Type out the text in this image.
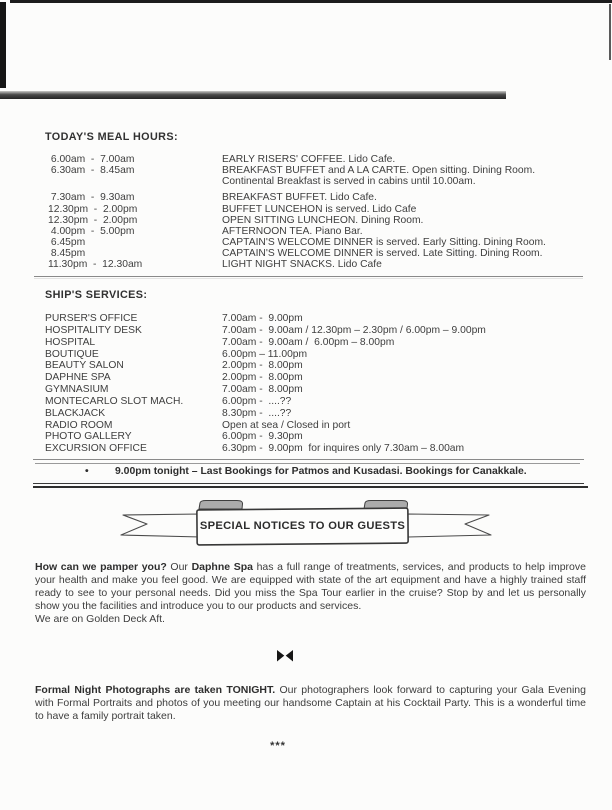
TODAY'S MEAL HOURS:
6.00am  -  7.00am	EARLY RISERS' COFFEE. Lido Cafe.
6.30am  -  8.45am	BREAKFAST BUFFET and A LA CARTE. Open sitting. Dining Room.
Continental Breakfast is served in cabins until 10.00am.
7.30am  -  9.30am	BREAKFAST BUFFET. Lido Cafe.
12.30pm  -  2.00pm	BUFFET LUNCEHON is served. Lido Cafe
12.30pm  -  2.00pm	OPEN SITTING LUNCHEON. Dining Room.
4.00pm  -  5.00pm	AFTERNOON TEA. Piano Bar.
6.45pm	CAPTAIN'S WELCOME DINNER is served. Early Sitting. Dining Room.
8.45pm	CAPTAIN'S WELCOME DINNER is served. Late Sitting. Dining Room.
11.30pm  -  12.30am	LIGHT NIGHT SNACKS. Lido Cafe
SHIP'S SERVICES:
PURSER'S OFFICE	7.00am -  9.00pm
HOSPITALITY DESK	7.00am -  9.00am / 12.30pm – 2.30pm / 6.00pm – 9.00pm
HOSPITAL	7.00am -  9.00am /  6.00pm – 8.00pm
BOUTIQUE	6.00pm – 11.00pm
BEAUTY SALON	2.00pm -  8.00pm
DAPHNE SPA	2.00pm -  8.00pm
GYMNASIUM	7.00am -  8.00pm
MONTECARLO SLOT MACH.	6.00pm -  ....??
BLACKJACK	8.30pm -  ....??
RADIO ROOM	Open at sea / Closed in port
PHOTO GALLERY	6.00pm -  9.30pm
EXCURSION OFFICE	6.30pm -  9.00pm  for inquires only 7.30am – 8.00am
•	9.00pm tonight – Last Bookings for Patmos and Kusadasi. Bookings for Canakkale.
SPECIAL NOTICES TO OUR GUESTS
How can we pamper you? Our Daphne Spa has a full range of treatments, services, and products to help improve your health and make you feel good. We are equipped with state of the art equipment and have a highly trained staff ready to see to your personal needs. Did you miss the Spa Tour earlier in the cruise? Stop by and let us personally show you the facilities and introduce you to our products and services.
We are on Golden Deck Aft.
Formal Night Photographs are taken TONIGHT. Our photographers look forward to capturing your Gala Evening with Formal Portraits and photos of you meeting our handsome Captain at his Cocktail Party. This is a wonderful time to have a family portrait taken.
***
